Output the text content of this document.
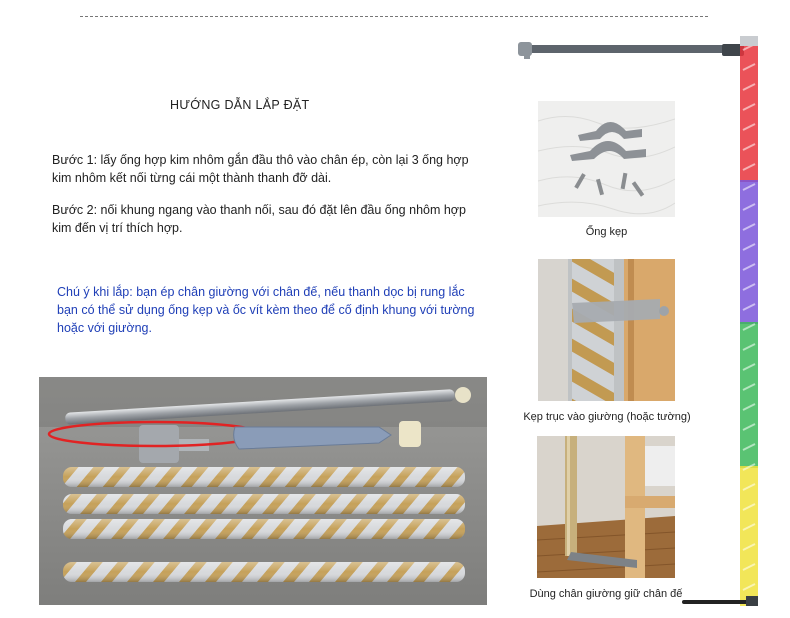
HƯỚNG DẪN LẮP ĐẶT
Bước 1: lấy ống hợp kim nhôm gắn đầu thô vào chân ép, còn lại 3 ống hợp kim nhôm kết nối từng cái một thành thanh đỡ dài.
Bước 2: nối khung ngang vào thanh nối, sau đó đặt lên đầu ống nhôm hợp kim đến vị trí thích hợp.
Chú ý khi lắp: bạn ép chân giường với chân đế, nếu thanh dọc bị rung lắc bạn có thể sử dụng ống kẹp và ốc vít kèm theo để cố định khung với tường hoặc với giường.
Ống kẹp
Kẹp trục vào giường (hoặc tường)
Dùng chân giường giữ chân đế
